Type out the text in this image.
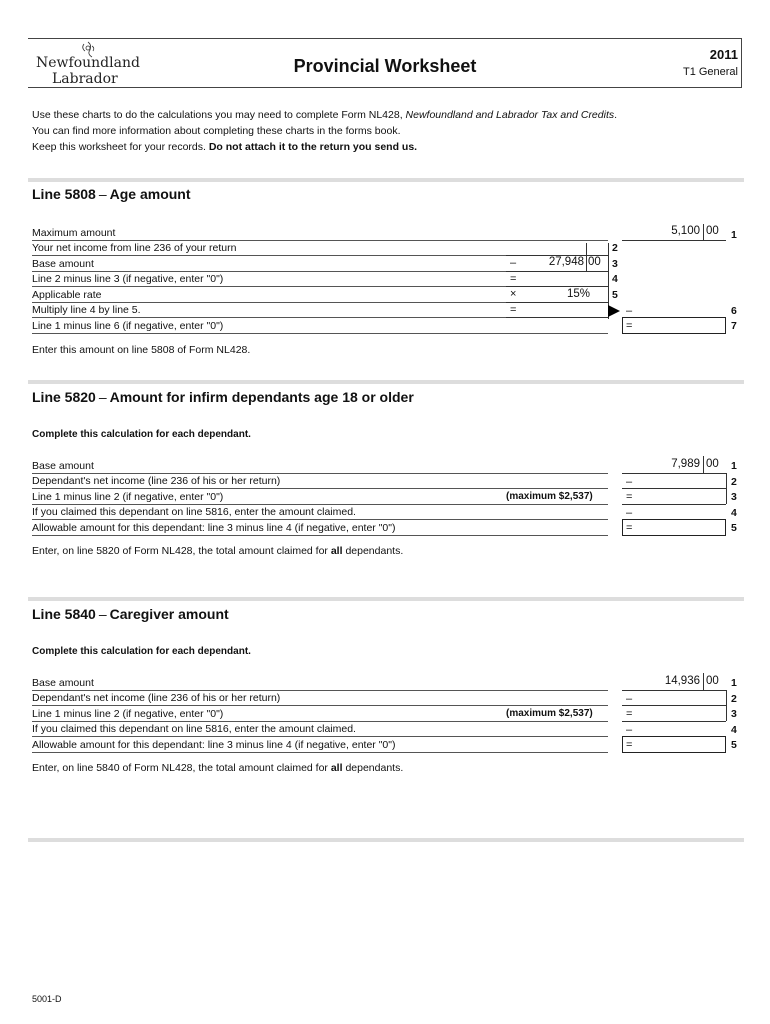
Newfoundland
Labrador
Provincial Worksheet
2011
T1 General
Use these charts to do the calculations you may need to complete Form NL428, Newfoundland and Labrador Tax and Credits.
You can find more information about completing these charts in the forms book.
Keep this worksheet for your records. Do not attach it to the return you send us.
Line 5808 – Age amount
Maximum amount
Your net income from line 236 of your return
Base amount
Line 2 minus line 3 (if negative, enter "0")
Applicable rate
Multiply line 4 by line 5.
Line 1 minus line 6 (if negative, enter "0")
–
=
×
=
27,948 00
15%
2
3
4
5
5,100 00 1
–	6
=	7
Enter this amount on line 5808 of Form NL428.
Line 5820 – Amount for infirm dependants age 18 or older
Complete this calculation for each dependant.
Base amount
Dependant's net income (line 236 of his or her return)
Line 1 minus line 2 (if negative, enter "0")
If you claimed this dependant on line 5816, enter the amount claimed.
Allowable amount for this dependant: line 3 minus line 4 (if negative, enter "0")
(maximum $2,537)
7,989 00
–
=
–
=
1
2
3
4
5
Enter, on line 5820 of Form NL428, the total amount claimed for all dependants.
Line 5840 – Caregiver amount
Complete this calculation for each dependant.
Base amount
Dependant's net income (line 236 of his or her return)
Line 1 minus line 2 (if negative, enter "0")
If you claimed this dependant on line 5816, enter the amount claimed.
Allowable amount for this dependant: line 3 minus line 4 (if negative, enter "0")
(maximum $2,537)
14,936 00
–
=
–
=
1
2
3
4
5
Enter, on line 5840 of Form NL428, the total amount claimed for all dependants.
5001-D
